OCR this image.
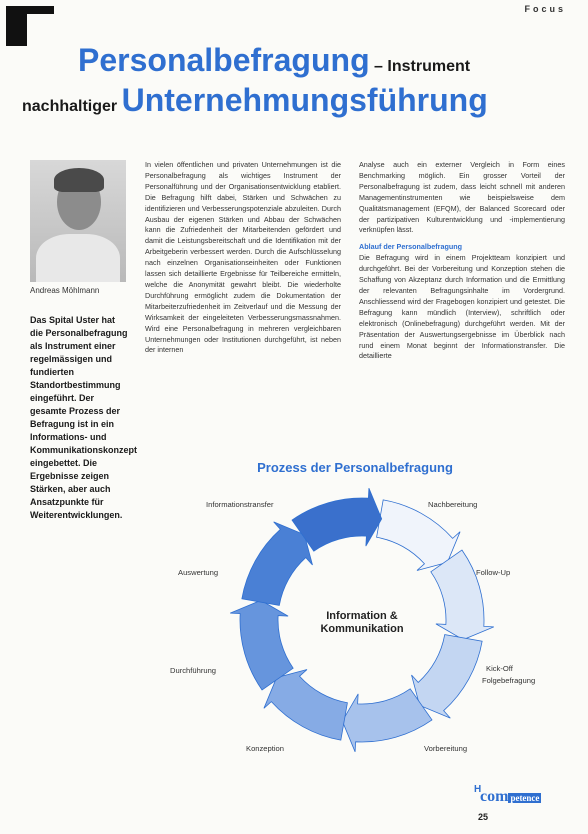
Focus
Personalbefragung – Instrument
nachhaltiger Unternehmungsführung
Andreas Möhlmann
Das Spital Uster hat die Personalbefragung als Instrument einer regelmässigen und fundierten Standortbestimmung eingeführt. Der gesamte Prozess der Befragung ist in ein Informations- und Kommunikationskonzept eingebettet. Die Ergebnisse zeigen Stärken, aber auch Ansatzpunkte für Weiterentwicklungen.
In vielen öffentlichen und privaten Unternehmungen ist die Personalbefragung als wichtiges Instrument der Personalführung und der Organisationsentwicklung etabliert. Die Befragung hilft dabei, Stärken und Schwächen zu identifizieren und Verbesserungspotenziale abzuleiten. Durch Ausbau der eigenen Stärken und Abbau der Schwächen kann die Zufriedenheit der Mitarbeitenden gefördert und damit die Leistungsbereitschaft und die Identifikation mit der Arbeitgeberin verbessert werden. Durch die Aufschlüsselung nach einzelnen Organisationseinheiten oder Funktionen lassen sich detaillierte Ergebnisse für Teilbereiche ermitteln, welche die Anonymität gewahrt bleibt. Die wiederholte Durchführung ermöglicht zudem die Dokumentation der Mitarbeiterzufriedenheit im Zeitverlauf und die Messung der Wirksamkeit der eingeleiteten Verbesserungsmassnahmen. Wird eine Personalbefragung in mehreren vergleichbaren Unternehmungen oder Institutionen durchgeführt, ist neben der internen
Analyse auch ein externer Vergleich in Form eines Benchmarking möglich. Ein grosser Vorteil der Personalbefragung ist zudem, dass leicht schnell mit anderen Managementinstrumenten wie beispielsweise dem Qualitätsmanagement (EFQM), der Balanced Scorecard oder der partizipativen Kulturentwicklung und -implementierung verknüpfen lässt.
Ablauf der Personalbefragung
Die Befragung wird in einem Projektteam konzipiert und durchgeführt. Bei der Vorbereitung und Konzeption stehen die Schaffung von Akzeptanz durch Information und die Ermittlung der relevanten Befragungsinhalte im Vordergrund. Anschliessend wird der Fragebogen konzipiert und getestet. Die Befragung kann mündlich (Interview), schriftlich oder elektronisch (Onlinebefragung) durchgeführt werden. Mit der Präsentation der Auswertungsergebnisse im Überblick nach rund einem Monat beginnt der Informationstransfer. Die detaillierte
Prozess der Personalbefragung
Information &
Kommunikation
Informationstransfer	Nachbereitung
Auswertung	Follow-Up
Durchführung	Kick-Off
Folgebefragung
Konzeption	Vorbereitung
H
com petence
25
